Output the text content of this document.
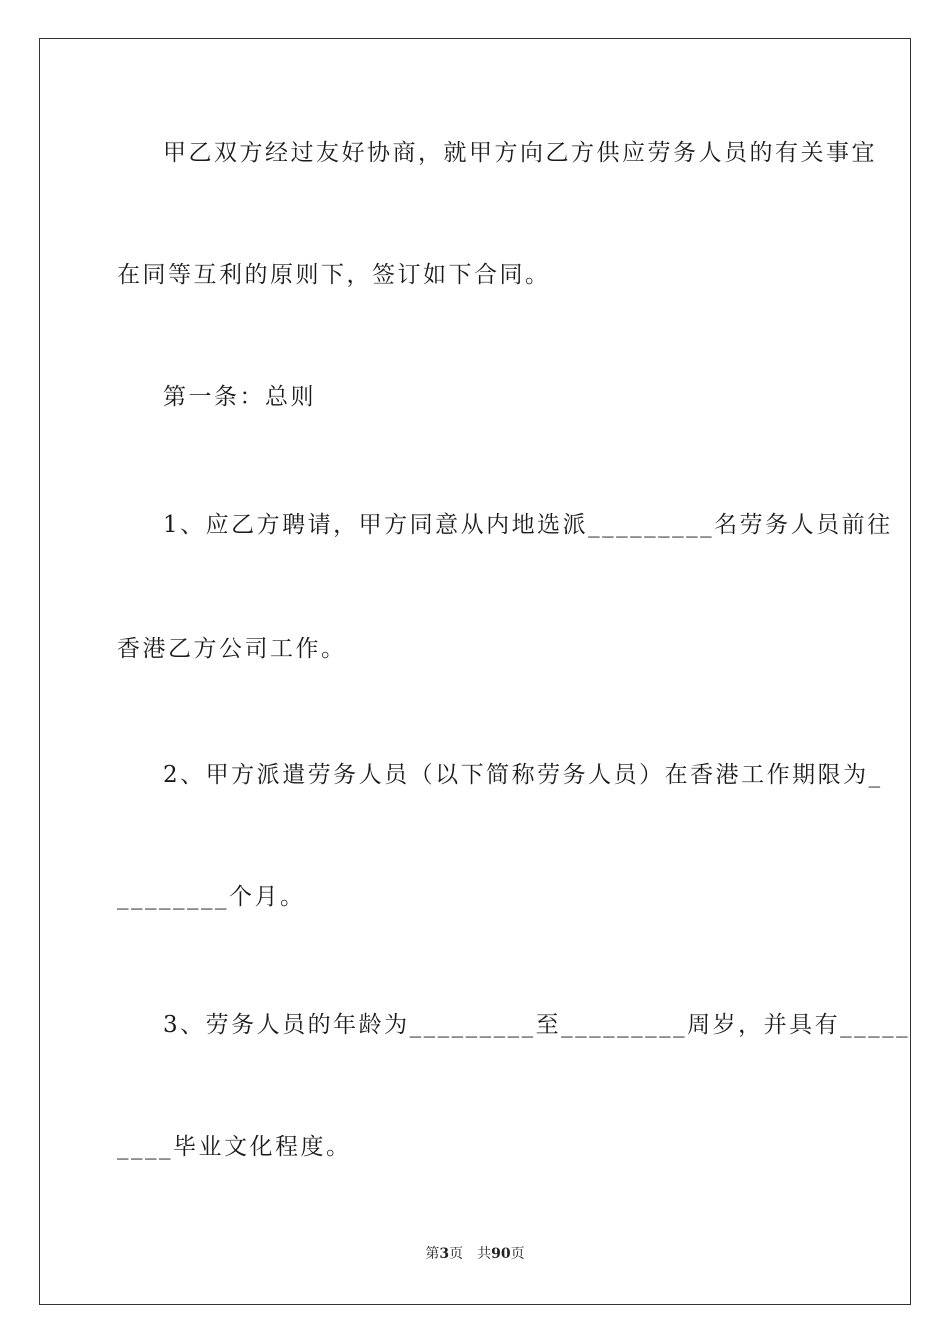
甲乙双方经过友好协商，就甲方向乙方供应劳务人员的有关事宜
在同等互利的原则下，签订如下合同。
第一条：总则
1、应乙方聘请，甲方同意从内地选派_________名劳务人员前往
香港乙方公司工作。
2、甲方派遣劳务人员（以下简称劳务人员）在香港工作期限为_
________个月。
3、劳务人员的年龄为_________至_________周岁，并具有_____
____毕业文化程度。
第3页 共90页
